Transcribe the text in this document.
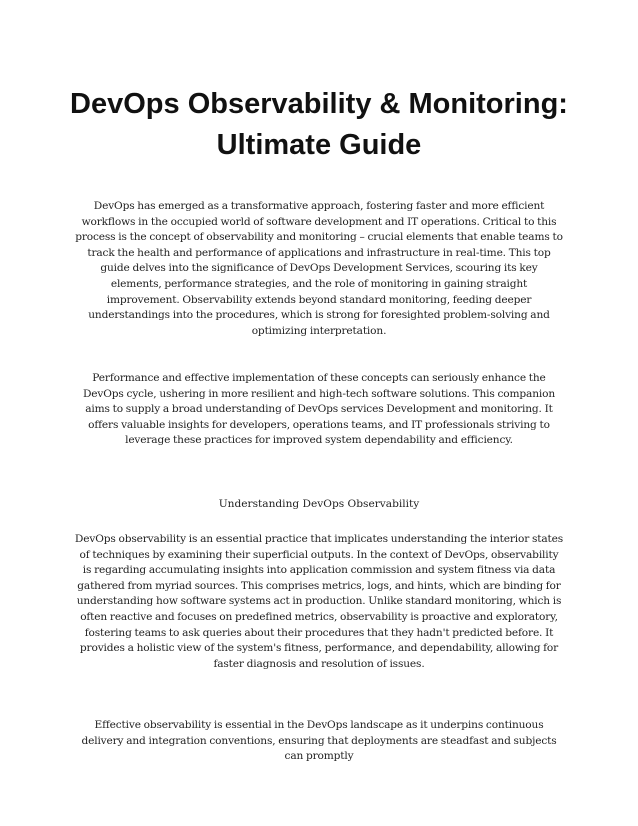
DevOps Observability & Monitoring: Ultimate Guide

DevOps has emerged as a transformative approach, fostering faster and more efficient workflows in the occupied world of software development and IT operations. Critical to this process is the concept of observability and monitoring – crucial elements that enable teams to track the health and performance of applications and infrastructure in real-time. This top guide delves into the significance of DevOps Development Services, scouring its key elements, performance strategies, and the role of monitoring in gaining straight improvement. Observability extends beyond standard monitoring, feeding deeper understandings into the procedures, which is strong for foresighted problem-solving and optimizing interpretation.

Performance and effective implementation of these concepts can seriously enhance the DevOps cycle, ushering in more resilient and high-tech software solutions. This companion aims to supply a broad understanding of DevOps services Development and monitoring. It offers valuable insights for developers, operations teams, and IT professionals striving to leverage these practices for improved system dependability and efficiency.

Understanding DevOps Observability

DevOps observability is an essential practice that implicates understanding the interior states of techniques by examining their superficial outputs. In the context of DevOps, observability is regarding accumulating insights into application commission and system fitness via data gathered from myriad sources. This comprises metrics, logs, and hints, which are binding for understanding how software systems act in production. Unlike standard monitoring, which is often reactive and focuses on predefined metrics, observability is proactive and exploratory, fostering teams to ask queries about their procedures that they hadn't predicted before. It provides a holistic view of the system's fitness, performance, and dependability, allowing for faster diagnosis and resolution of issues.

Effective observability is essential in the DevOps landscape as it underpins continuous delivery and integration conventions, ensuring that deployments are steadfast and subjects can promptly
